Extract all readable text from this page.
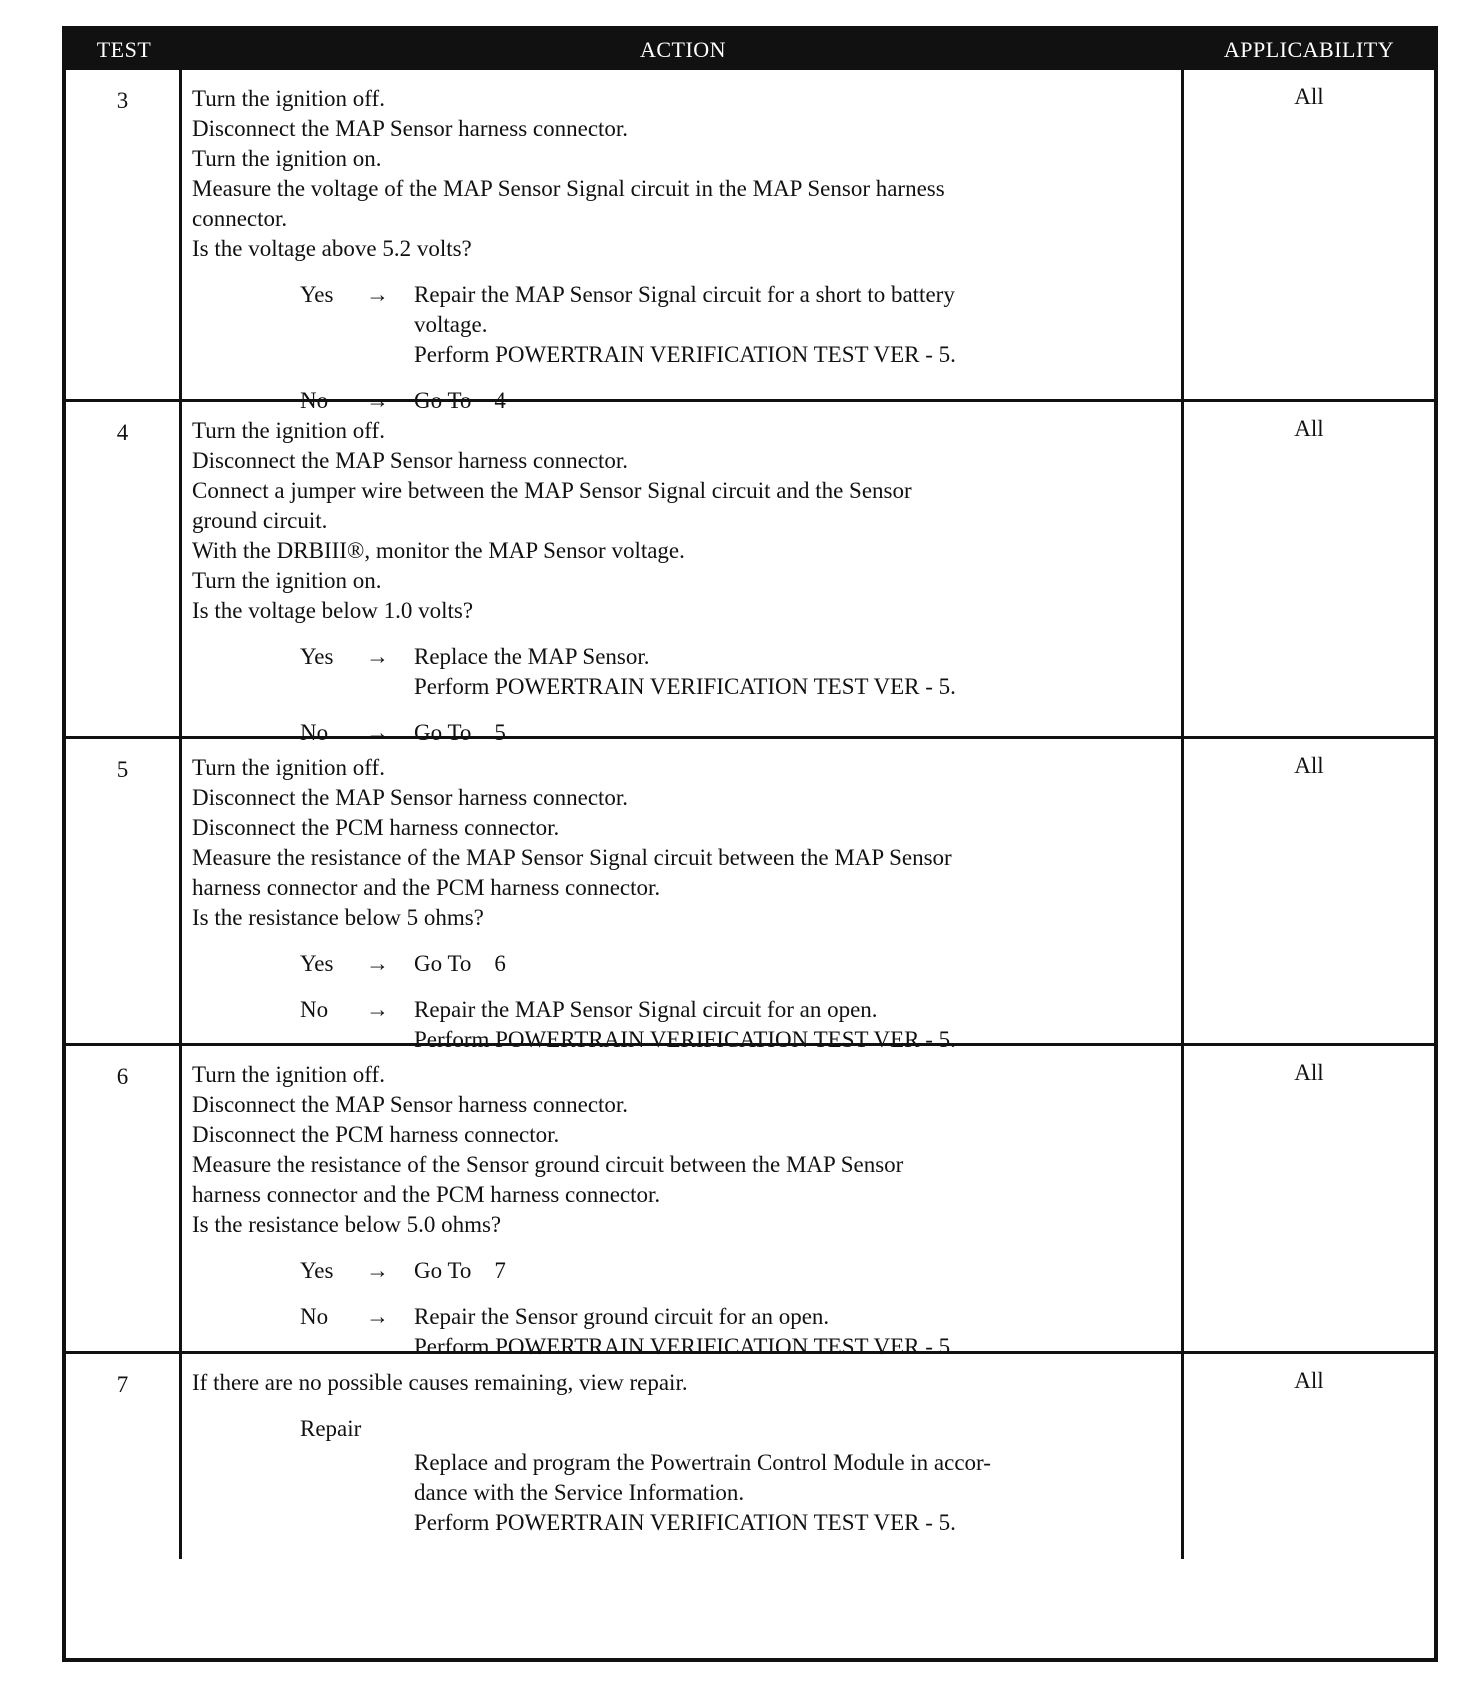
TEST	ACTION	APPLICABILITY
3	Turn the ignition off.
Disconnect the MAP Sensor harness connector.
Turn the ignition on.
Measure the voltage of the MAP Sensor Signal circuit in the MAP Sensor harness
connector.
Is the voltage above 5.2 volts?
Yes	→	Repair the MAP Sensor Signal circuit for a short to battery
voltage.
Perform POWERTRAIN VERIFICATION TEST VER - 5.
No	→	Go To    4
All
4	Turn the ignition off.
Disconnect the MAP Sensor harness connector.
Connect a jumper wire between the MAP Sensor Signal circuit and the Sensor
ground circuit.
With the DRBIII®, monitor the MAP Sensor voltage.
Turn the ignition on.
Is the voltage below 1.0 volts?
Yes	→	Replace the MAP Sensor.
Perform POWERTRAIN VERIFICATION TEST VER - 5.
No	→	Go To    5
All
5	Turn the ignition off.
Disconnect the MAP Sensor harness connector.
Disconnect the PCM harness connector.
Measure the resistance of the MAP Sensor Signal circuit between the MAP Sensor
harness connector and the PCM harness connector.
Is the resistance below 5 ohms?
Yes	→	Go To    6
No	→	Repair the MAP Sensor Signal circuit for an open.
Perform POWERTRAIN VERIFICATION TEST VER - 5.
All
6	Turn the ignition off.
Disconnect the MAP Sensor harness connector.
Disconnect the PCM harness connector.
Measure the resistance of the Sensor ground circuit between the MAP Sensor
harness connector and the PCM harness connector.
Is the resistance below 5.0 ohms?
Yes	→	Go To    7
No	→	Repair the Sensor ground circuit for an open.
Perform POWERTRAIN VERIFICATION TEST VER - 5.
All
7	If there are no possible causes remaining, view repair.
Repair
Replace and program the Powertrain Control Module in accor-
dance with the Service Information.
Perform POWERTRAIN VERIFICATION TEST VER - 5.
All
